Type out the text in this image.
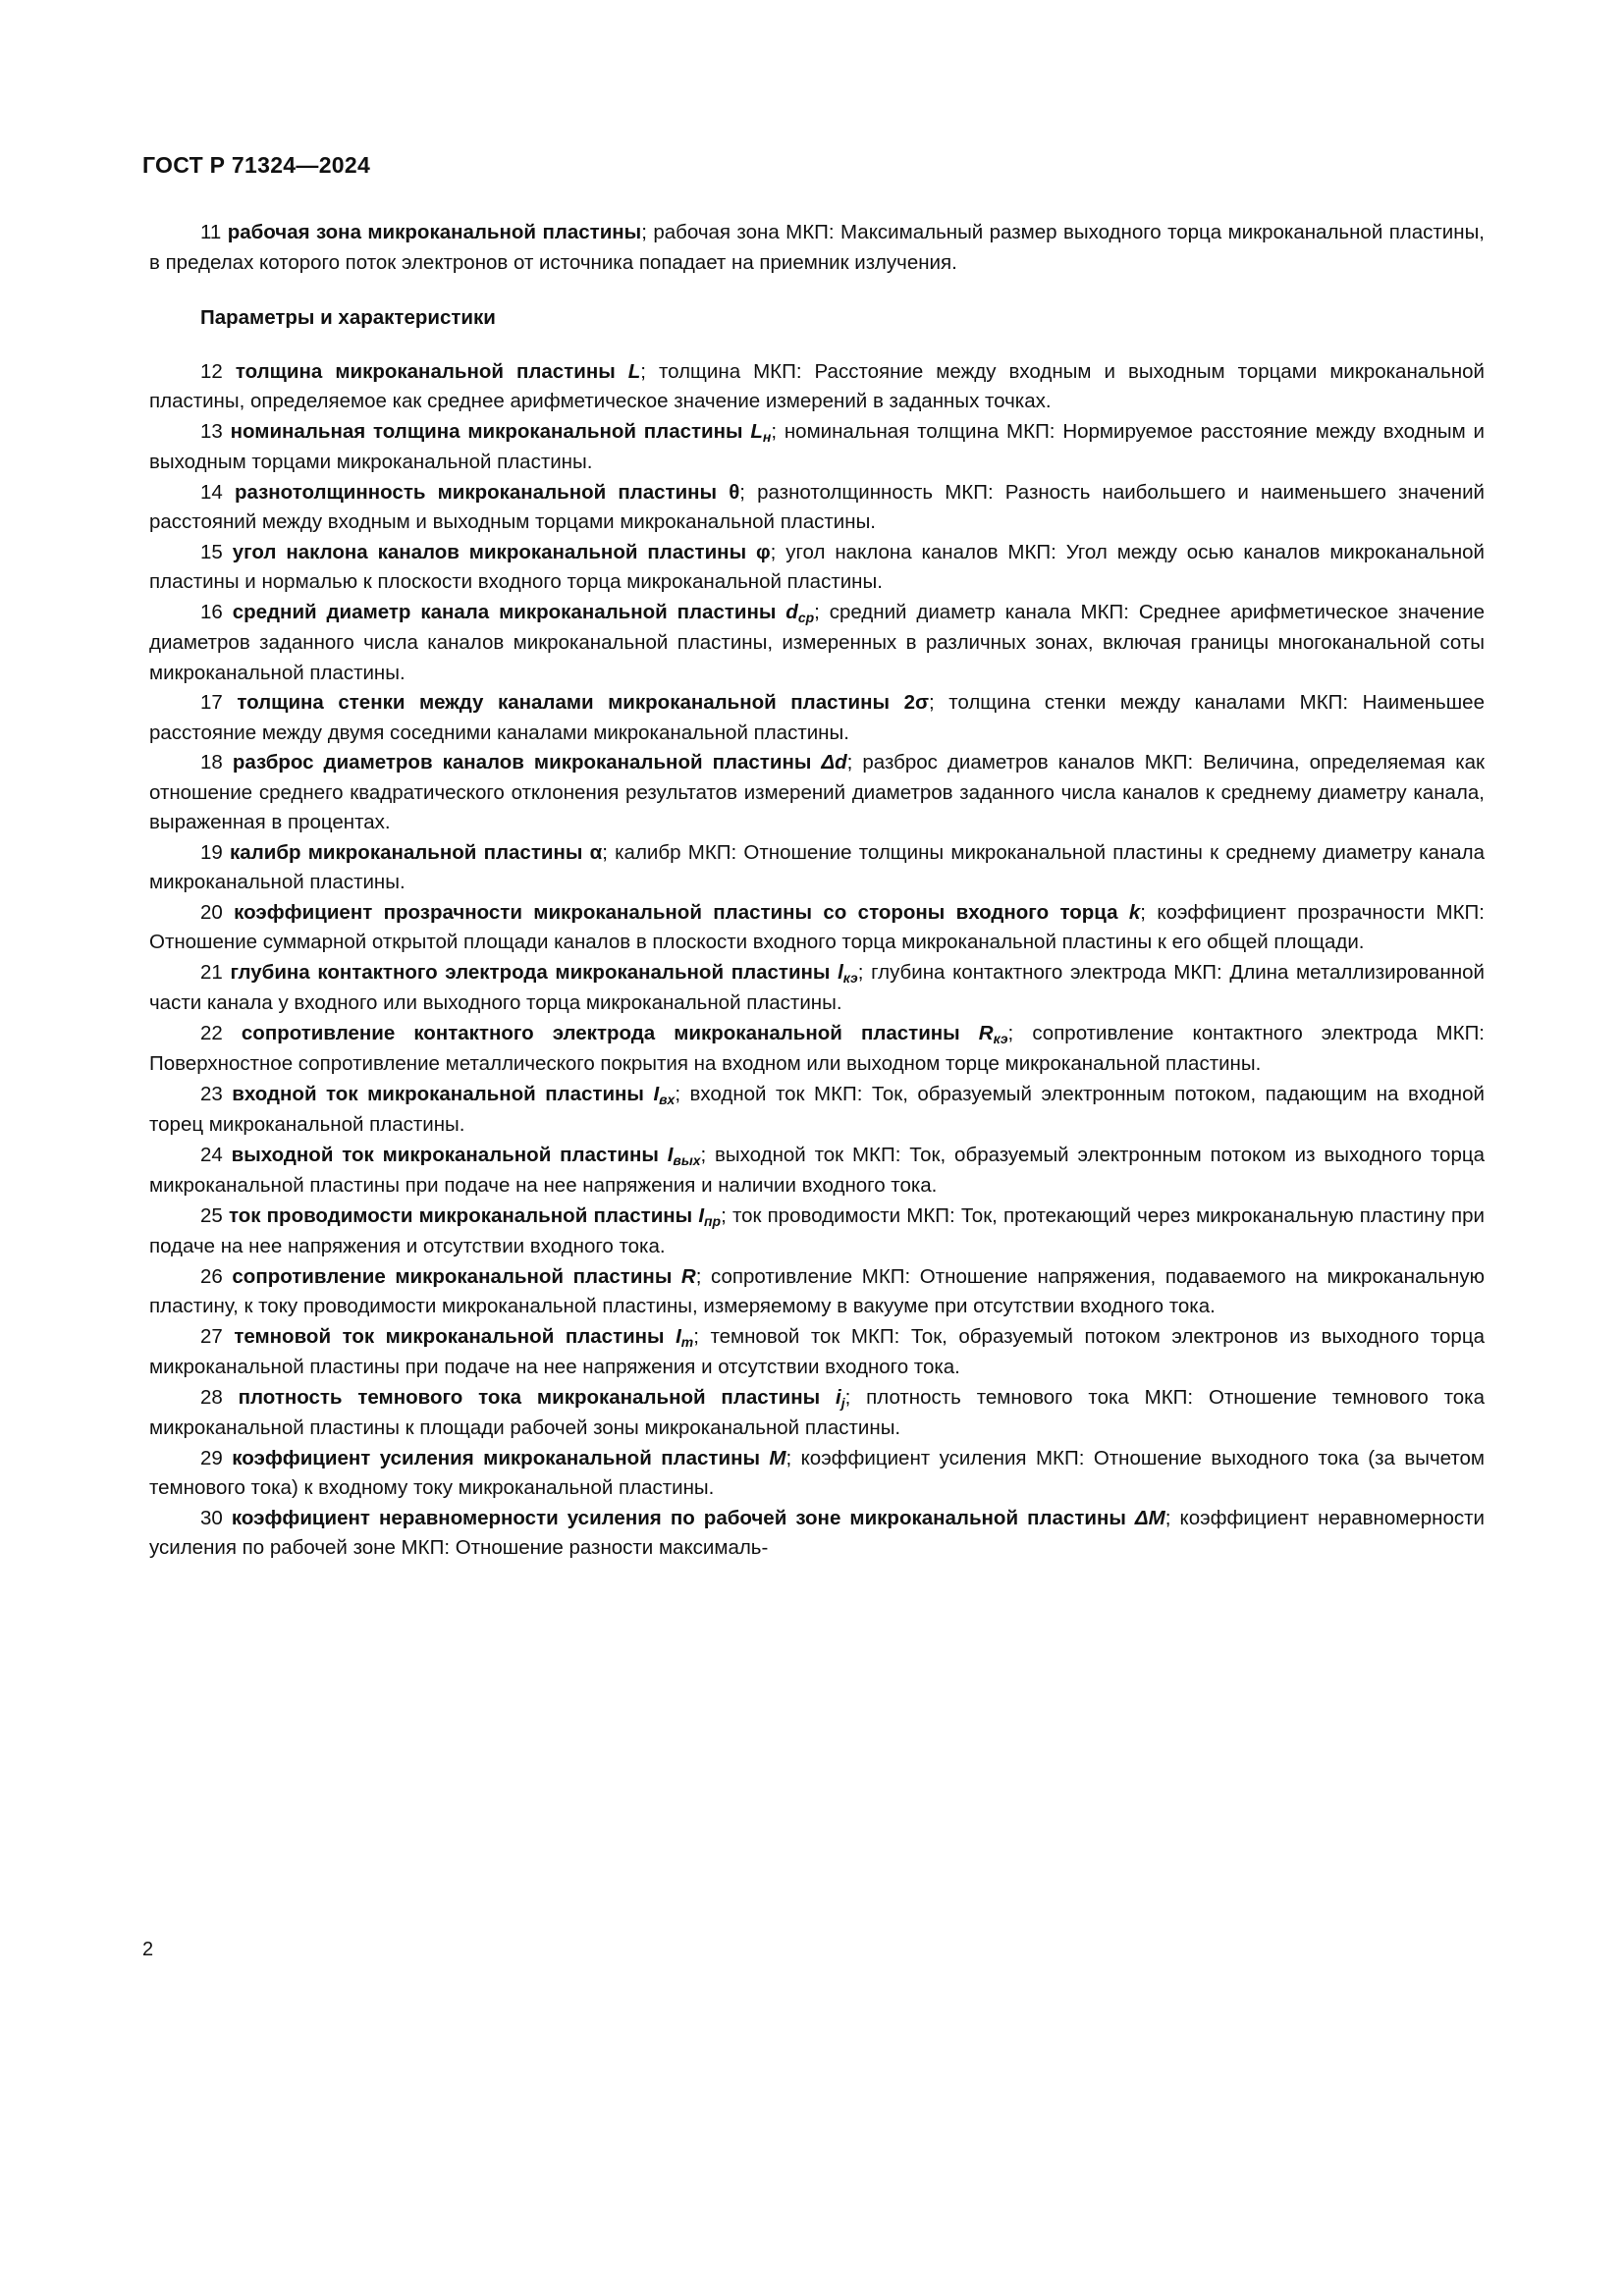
ГОСТ Р 71324—2024

11 рабочая зона микроканальной пластины; рабочая зона МКП: Максимальный размер выходного торца микроканальной пластины, в пределах которого поток электронов от источника попадает на приемник излучения.

Параметры и характеристики

12 толщина микроканальной пластины L; толщина МКП: Расстояние между входным и выходным торцами микроканальной пластины, определяемое как среднее арифметическое значение измерений в заданных точках.

13 номинальная толщина микроканальной пластины $L_н$; номинальная толщина МКП: Нормируемое расстояние между входным и выходным торцами микроканальной пластины.

14 разнотолщинность микроканальной пластины θ; разнотолщинность МКП: Разность наибольшего и наименьшего значений расстояний между входным и выходным торцами микроканальной пластины.

15 угол наклона каналов микроканальной пластины φ; угол наклона каналов МКП: Угол между осью каналов микроканальной пластины и нормалью к плоскости входного торца микроканальной пластины.

16 средний диаметр канала микроканальной пластины $d_{ср}$; средний диаметр канала МКП: Среднее арифметическое значение диаметров заданного числа каналов микроканальной пластины, измеренных в различных зонах, включая границы многоканальной соты микроканальной пластины.

17 толщина стенки между каналами микроканальной пластины 2σ; толщина стенки между каналами МКП: Наименьшее расстояние между двумя соседними каналами микроканальной пластины.

18 разброс диаметров каналов микроканальной пластины Δd; разброс диаметров каналов МКП: Величина, определяемая как отношение среднего квадратического отклонения результатов измерений диаметров заданного числа каналов к среднему диаметру канала, выраженная в процентах.

19 калибр микроканальной пластины α; калибр МКП: Отношение толщины микроканальной пластины к среднему диаметру канала микроканальной пластины.

20 коэффициент прозрачности микроканальной пластины со стороны входного торца k; коэффициент прозрачности МКП: Отношение суммарной открытой площади каналов в плоскости входного торца микроканальной пластины к его общей площади.

21 глубина контактного электрода микроканальной пластины $l_{кэ}$; глубина контактного электрода МКП: Длина металлизированной части канала у входного или выходного торца микроканальной пластины.

22 сопротивление контактного электрода микроканальной пластины $R_{кэ}$; сопротивление контактного электрода МКП: Поверхностное сопротивление металлического покрытия на входном или выходном торце микроканальной пластины.

23 входной ток микроканальной пластины $I_{вх}$; входной ток МКП: Ток, образуемый электронным потоком, падающим на входной торец микроканальной пластины.

24 выходной ток микроканальной пластины $I_{вых}$; выходной ток МКП: Ток, образуемый электронным потоком из выходного торца микроканальной пластины при подаче на нее напряжения и наличии входного тока.

25 ток проводимости микроканальной пластины $I_{пр}$; ток проводимости МКП: Ток, протекающий через микроканальную пластину при подаче на нее напряжения и отсутствии входного тока.

26 сопротивление микроканальной пластины R; сопротивление МКП: Отношение напряжения, подаваемого на микроканальную пластину, к току проводимости микроканальной пластины, измеряемому в вакууме при отсутствии входного тока.

27 темновой ток микроканальной пластины $I_т$; темновой ток МКП: Ток, образуемый потоком электронов из выходного торца микроканальной пластины при подаче на нее напряжения и отсутствии входного тока.

28 плотность темнового тока микроканальной пластины $i_j$; плотность темнового тока МКП: Отношение темнового тока микроканальной пластины к площади рабочей зоны микроканальной пластины.

29 коэффициент усиления микроканальной пластины M; коэффициент усиления МКП: Отношение выходного тока (за вычетом темнового тока) к входному току микроканальной пластины.

30 коэффициент неравномерности усиления по рабочей зоне микроканальной пластины ΔM; коэффициент неравномерности усиления по рабочей зоне МКП: Отношение разности максималь-

2
